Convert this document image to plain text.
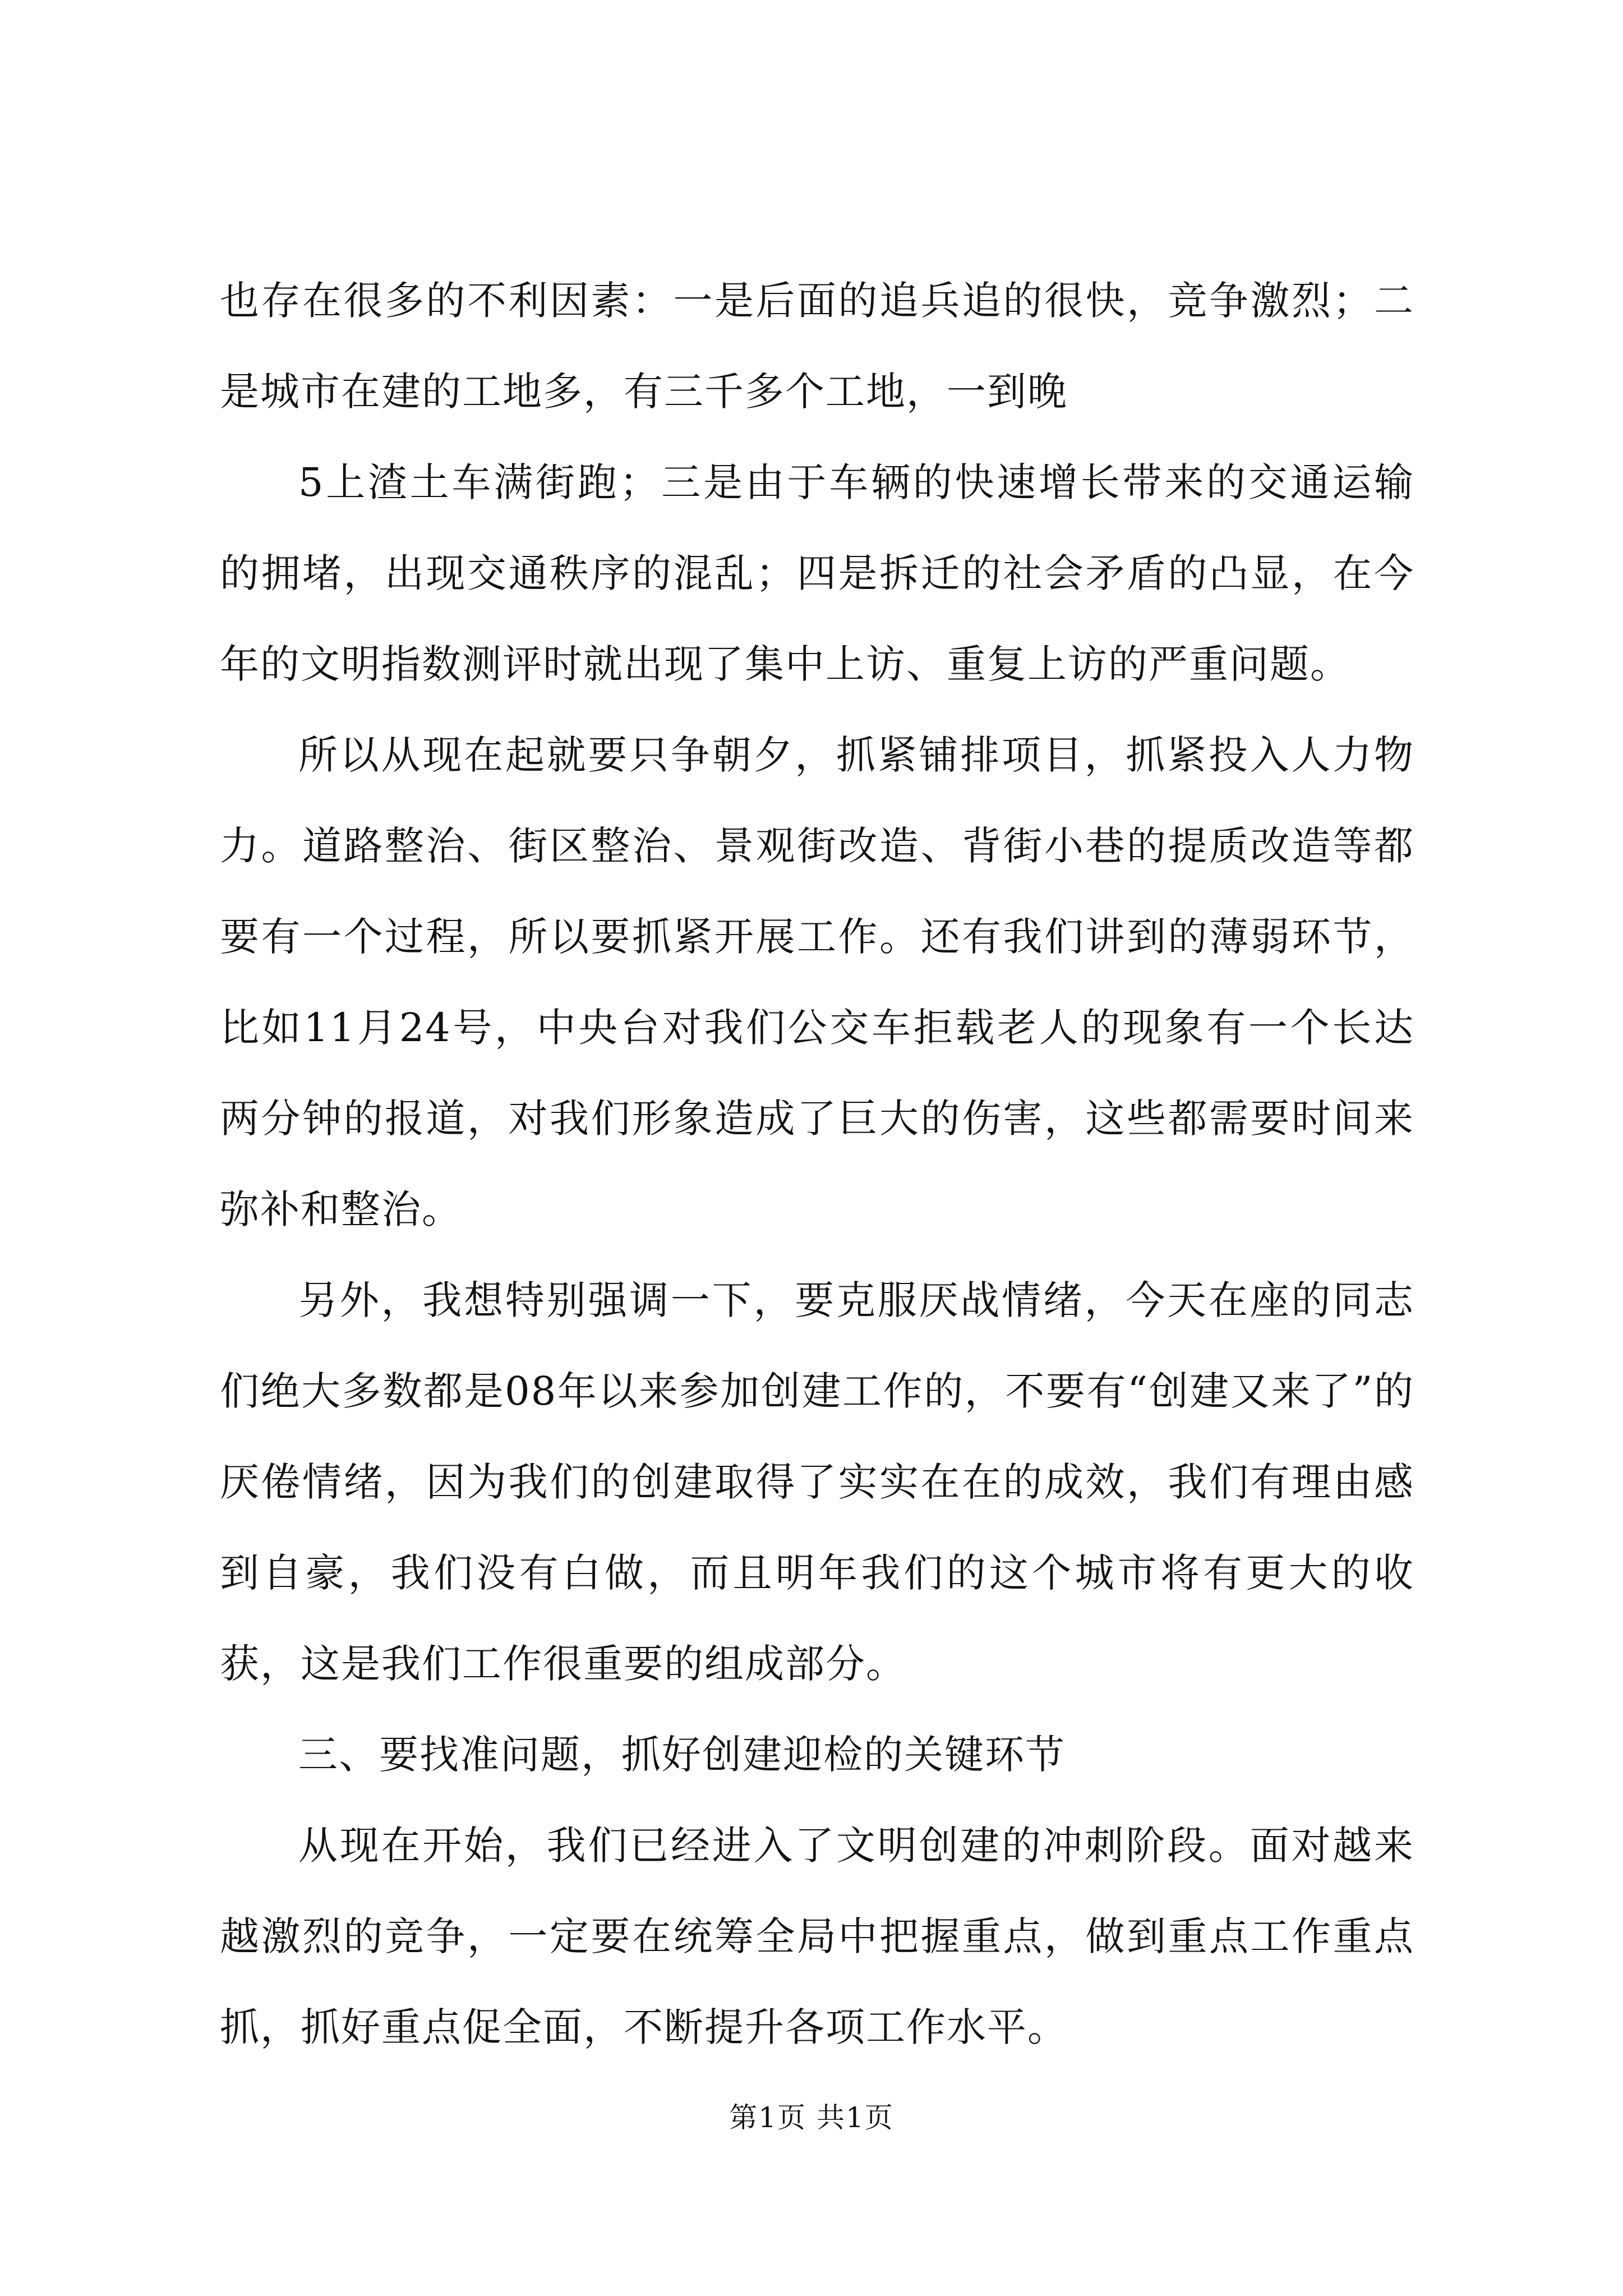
也存在很多的不利因素：一是后面的追兵追的很快，竞争激烈；二是城市在建的工地多，有三千多个工地，一到晚

5上渣土车满街跑；三是由于车辆的快速增长带来的交通运输的拥堵，出现交通秩序的混乱；四是拆迁的社会矛盾的凸显，在今年的文明指数测评时就出现了集中上访、重复上访的严重问题。

所以从现在起就要只争朝夕，抓紧铺排项目，抓紧投入人力物力。道路整治、街区整治、景观街改造、背街小巷的提质改造等都要有一个过程，所以要抓紧开展工作。还有我们讲到的薄弱环节，比如11月24号，中央台对我们公交车拒载老人的现象有一个长达两分钟的报道，对我们形象造成了巨大的伤害，这些都需要时间来弥补和整治。

另外，我想特别强调一下，要克服厌战情绪，今天在座的同志们绝大多数都是08年以来参加创建工作的，不要有“创建又来了”的厌倦情绪，因为我们的创建取得了实实在在的成效，我们有理由感到自豪，我们没有白做，而且明年我们的这个城市将有更大的收获，这是我们工作很重要的组成部分。

三、要找准问题，抓好创建迎检的关键环节

从现在开始，我们已经进入了文明创建的冲刺阶段。面对越来越激烈的竞争，一定要在统筹全局中把握重点，做到重点工作重点抓，抓好重点促全面，不断提升各项工作水平。

第1页 共1页
